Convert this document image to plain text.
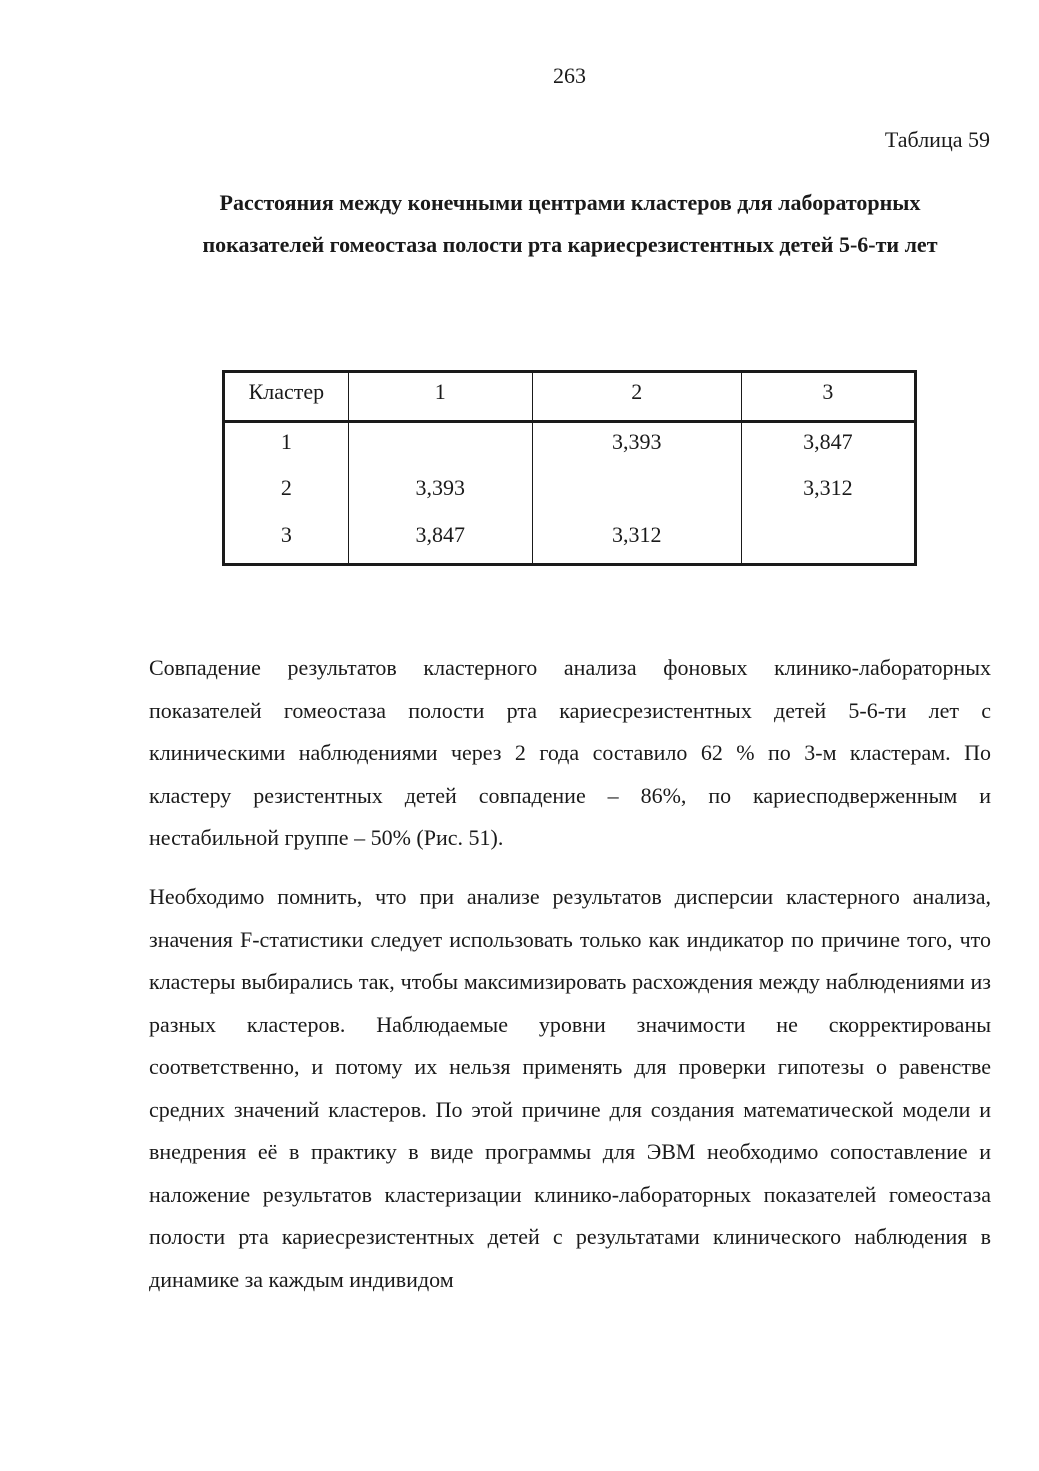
263
Таблица 59
Расстояния между конечными центрами кластеров для лабораторных
показателей гомеостаза полости рта кариесрезистентных детей 5-6-ти лет
Кластер	1	2	3
1		3,393	3,847
2	3,393		3,312
3	3,847	3,312	

Совпадение результатов кластерного анализа фоновых клинико-лабораторных показателей гомеостаза полости рта кариесрезистентных детей 5-6-ти лет с клиническими наблюдениями через 2 года составило 62 % по 3-м кластерам. По кластеру резистентных детей совпадение – 86%, по кариесподверженным и нестабильной группе – 50% (Рис. 51).

Необходимо помнить, что при анализе результатов дисперсии кластерного анализа, значения F-статистики следует использовать только как индикатор по причине того, что кластеры выбирались так, чтобы максимизировать расхождения между наблюдениями из разных кластеров. Наблюдаемые уровни значимости не скорректированы соответственно, и потому их нельзя применять для проверки гипотезы о равенстве средних значений кластеров. По этой причине для создания математической модели и внедрения её в практику в виде программы для ЭВМ необходимо сопоставление и наложение результатов кластеризации клинико-лабораторных показателей гомеостаза полости рта кариесрезистентных детей с результатами клинического наблюдения в динамике за каждым индивидом
